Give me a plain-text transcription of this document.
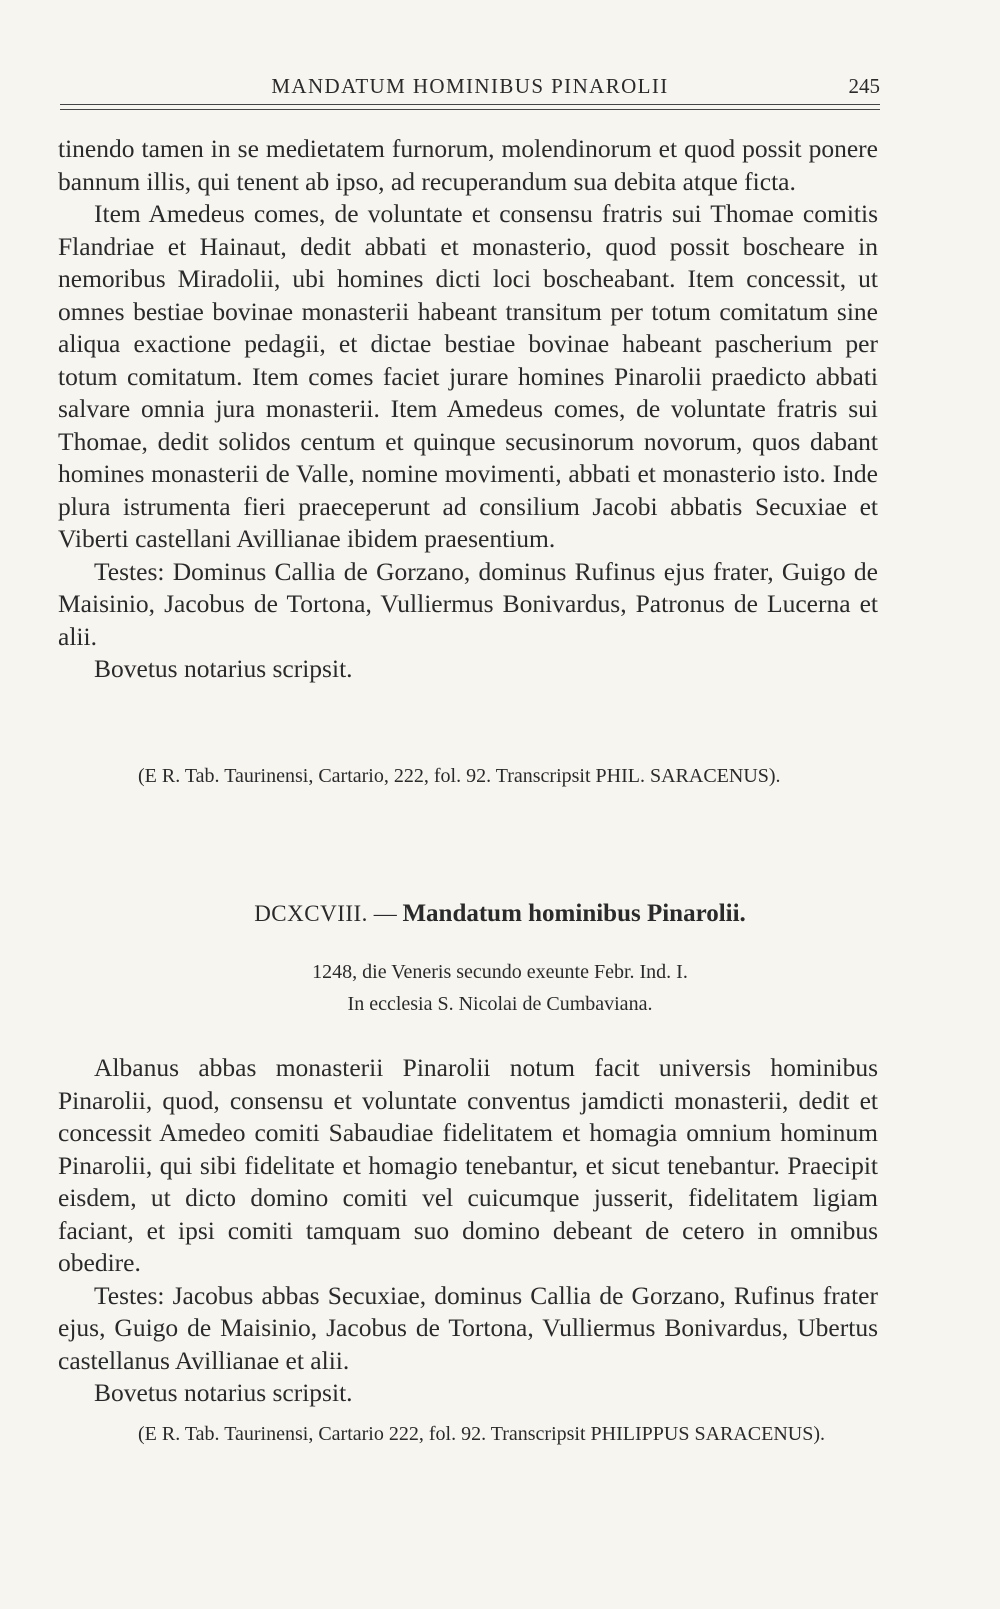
MANDATUM HOMINIBUS PINAROLII	245

tinendo tamen in se medietatem furnorum, molendinorum et quod possit ponere bannum illis, qui tenent ab ipso, ad recuperandum sua debita atque ficta.

Item Amedeus comes, de voluntate et consensu fratris sui Thomae comitis Flandriae et Hainaut, dedit abbati et monasterio, quod possit boscheare in nemoribus Miradolii, ubi homines dicti loci boscheabant. Item concessit, ut omnes bestiae bovinae monasterii habeant transitum per totum comitatum sine aliqua exactione pedagii, et dictae bestiae bovinae habeant pascherium per totum comitatum. Item comes faciet jurare homines Pinarolii praedicto abbati salvare omnia jura monasterii. Item Amedeus comes, de voluntate fratris sui Thomae, dedit solidos centum et quinque secusinorum novorum, quos dabant homines monasterii de Valle, nomine movimenti, abbati et monasterio isto. Inde plura istrumenta fieri praeceperunt ad consilium Jacobi abbatis Secuxiae et Viberti castellani Avillianae ibidem praesentium.

Testes: Dominus Callia de Gorzano, dominus Rufinus ejus frater, Guigo de Maisinio, Jacobus de Tortona, Vulliermus Bonivardus, Patronus de Lucerna et alii.

Bovetus notarius scripsit.

(E R. Tab. Taurinensi, Cartario, 222, fol. 92. Transcripsit PHIL. SARACENUS).

DCXCVIII. — Mandatum hominibus Pinarolii.
1248, die Veneris secundo exeunte Febr. Ind. I.
In ecclesia S. Nicolai de Cumbaviana.

Albanus abbas monasterii Pinarolii notum facit universis hominibus Pinarolii, quod, consensu et voluntate conventus jamdicti monasterii, dedit et concessit Amedeo comiti Sabaudiae fidelitatem et homagia omnium hominum Pinarolii, qui sibi fidelitate et homagio tenebantur, et sicut tenebantur. Praecipit eisdem, ut dicto domino comiti vel cuicumque jusserit, fidelitatem ligiam faciant, et ipsi comiti tamquam suo domino debeant de cetero in omnibus obedire.

Testes: Jacobus abbas Secuxiae, dominus Callia de Gorzano, Rufinus frater ejus, Guigo de Maisinio, Jacobus de Tortona, Vulliermus Bonivardus, Ubertus castellanus Avillianae et alii.

Bovetus notarius scripsit.

(E R. Tab. Taurinensi, Cartario 222, fol. 92. Transcripsit PHILIPPUS SARACENUS).
